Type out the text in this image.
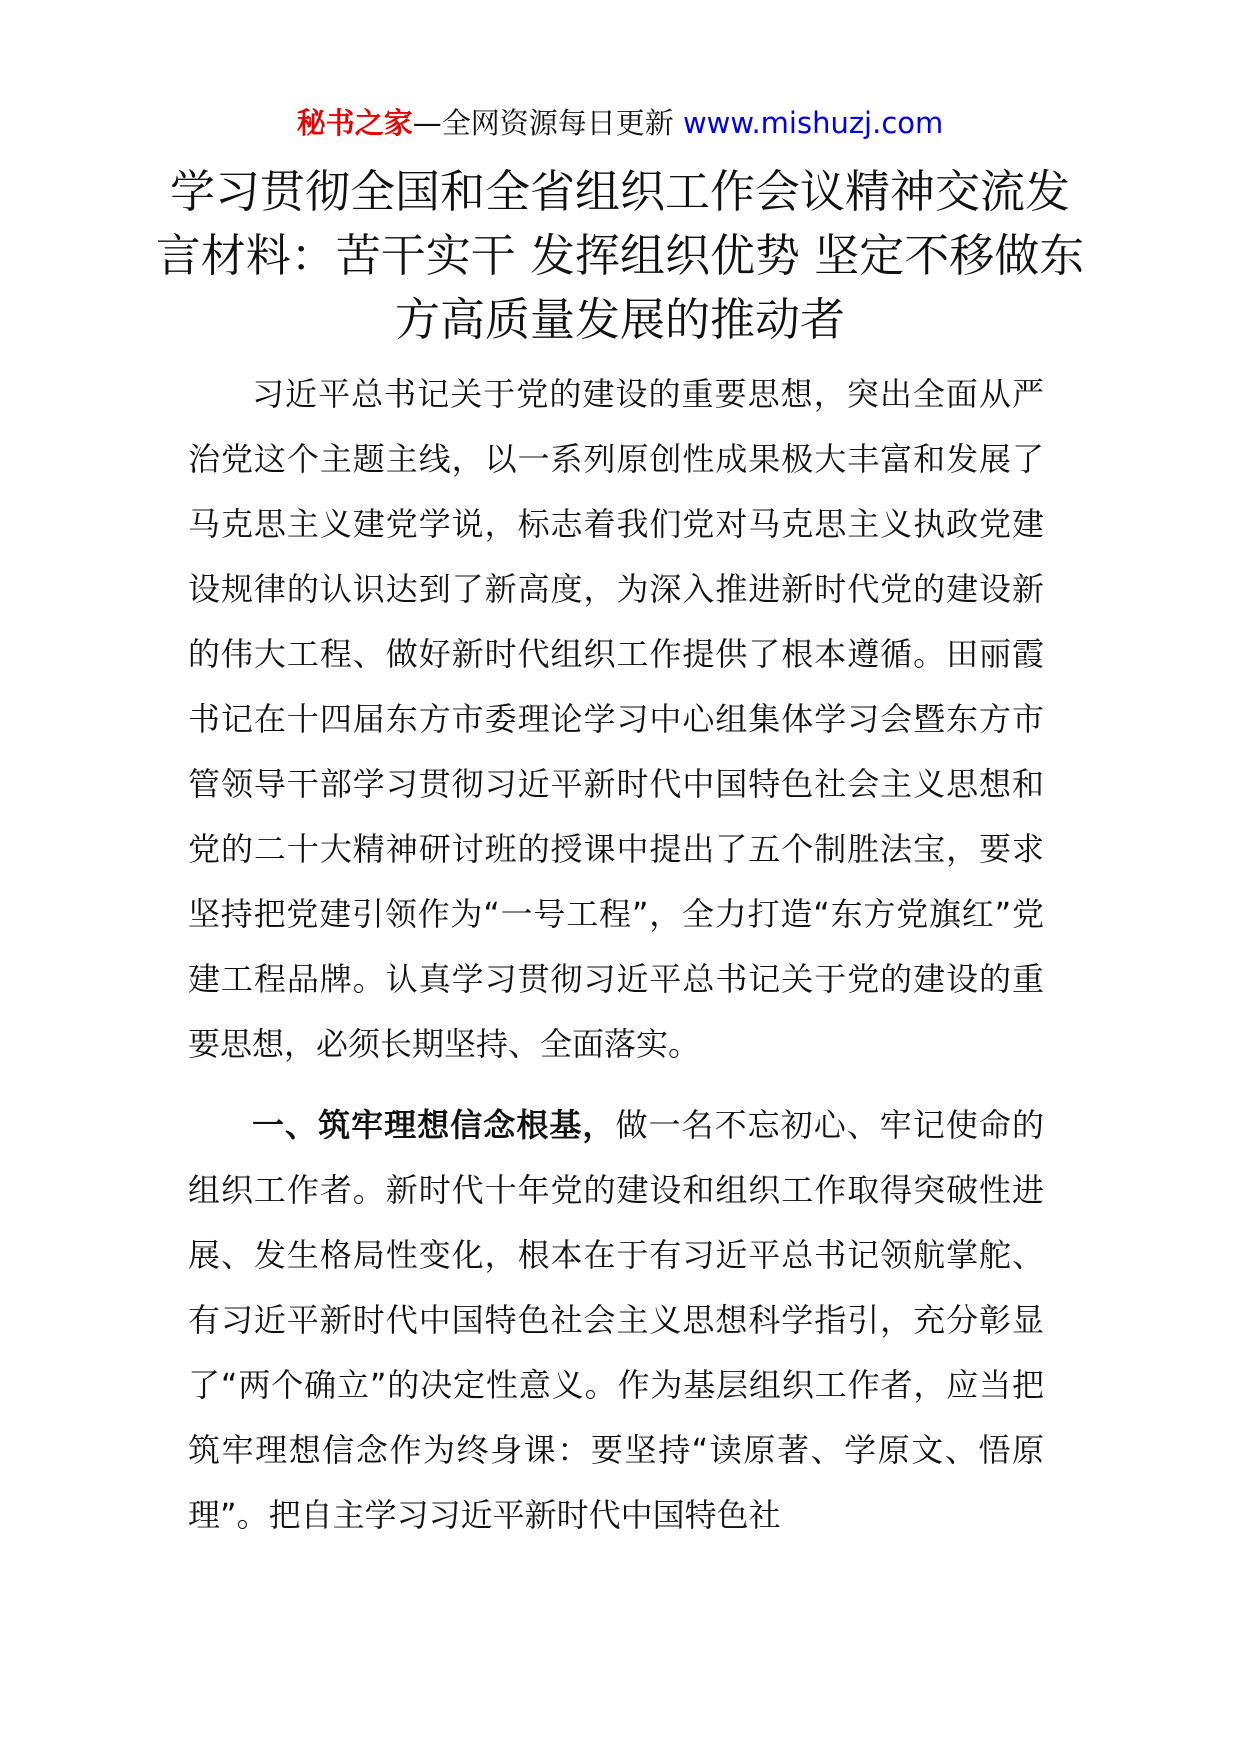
秘书之家—全网资源每日更新 www.mishuzj.com
学习贯彻全国和全省组织工作会议精神交流发言材料：苦干实干 发挥组织优势 坚定不移做东方高质量发展的推动者

习近平总书记关于党的建设的重要思想，突出全面从严治党这个主题主线，以一系列原创性成果极大丰富和发展了马克思主义建党学说，标志着我们党对马克思主义执政党建设规律的认识达到了新高度，为深入推进新时代党的建设新的伟大工程、做好新时代组织工作提供了根本遵循。田丽霞书记在十四届东方市委理论学习中心组集体学习会暨东方市管领导干部学习贯彻习近平新时代中国特色社会主义思想和党的二十大精神研讨班的授课中提出了五个制胜法宝，要求坚持把党建引领作为“一号工程”，全力打造“东方党旗红”党建工程品牌。认真学习贯彻习近平总书记关于党的建设的重要思想，必须长期坚持、全面落实。

一、筑牢理想信念根基，做一名不忘初心、牢记使命的组织工作者。新时代十年党的建设和组织工作取得突破性进展、发生格局性变化，根本在于有习近平总书记领航掌舵、有习近平新时代中国特色社会主义思想科学指引，充分彰显了“两个确立”的决定性意义。作为基层组织工作者，应当把筑牢理想信念作为终身课：要坚持“读原著、学原文、悟原理”。把自主学习习近平新时代中国特色社
